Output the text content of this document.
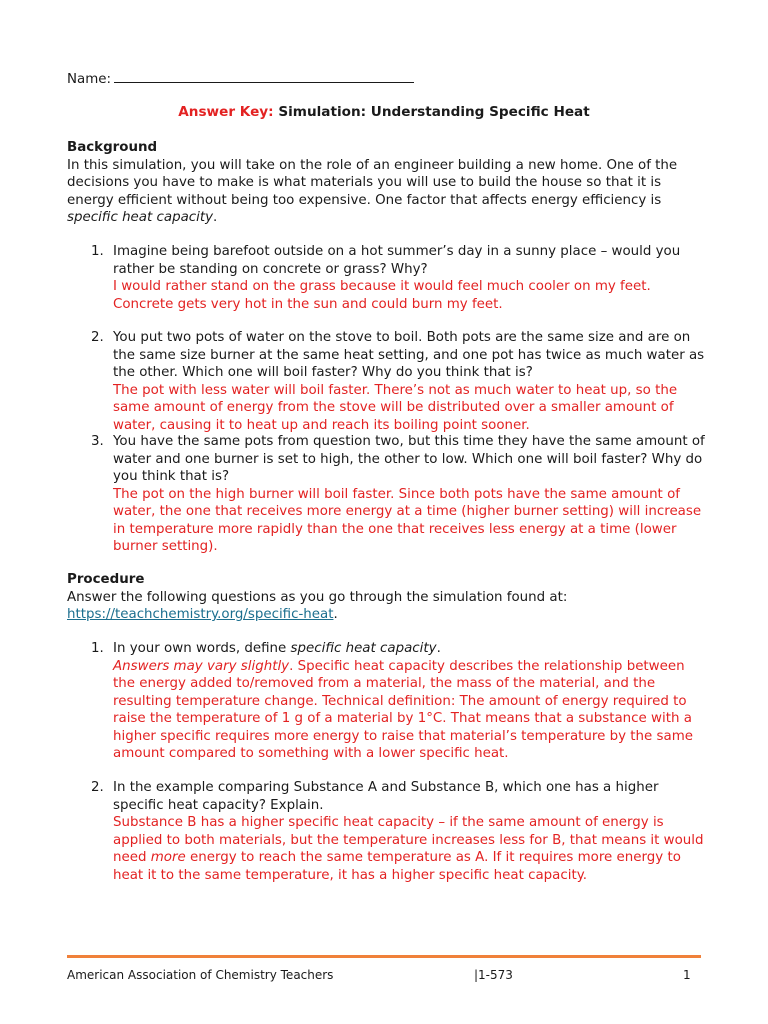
Name:
Answer Key: Simulation: Understanding Specific Heat
Background

In this simulation, you will take on the role of an engineer building a new home. One of the decisions you have to make is what materials you will use to build the house so that it is energy efficient without being too expensive. One factor that affects energy efficiency is specific heat capacity.

1. Imagine being barefoot outside on a hot summer’s day in a sunny place – would you rather be standing on concrete or grass? Why?

I would rather stand on the grass because it would feel much cooler on my feet. Concrete gets very hot in the sun and could burn my feet.

2. You put two pots of water on the stove to boil. Both pots are the same size and are on the same size burner at the same heat setting, and one pot has twice as much water as the other. Which one will boil faster? Why do you think that is?

The pot with less water will boil faster. There’s not as much water to heat up, so the same amount of energy from the stove will be distributed over a smaller amount of water, causing it to heat up and reach its boiling point sooner.

3. You have the same pots from question two, but this time they have the same amount of water and one burner is set to high, the other to low. Which one will boil faster? Why do you think that is?

The pot on the high burner will boil faster. Since both pots have the same amount of water, the one that receives more energy at a time (higher burner setting) will increase in temperature more rapidly than the one that receives less energy at a time (lower burner setting).

Procedure

Answer the following questions as you go through the simulation found at:

https://teachchemistry.org/specific-heat.

1. In your own words, define specific heat capacity.

Answers may vary slightly. Specific heat capacity describes the relationship between the energy added to/removed from a material, the mass of the material, and the resulting temperature change. Technical definition: The amount of energy required to raise the temperature of 1 g of a material by 1°C. That means that a substance with a higher specific requires more energy to raise that material’s temperature by the same amount compared to something with a lower specific heat.

2. In the example comparing Substance A and Substance B, which one has a higher specific heat capacity? Explain.

Substance B has a higher specific heat capacity – if the same amount of energy is applied to both materials, but the temperature increases less for B, that means it would need more energy to reach the same temperature as A. If it requires more energy to heat it to the same temperature, it has a higher specific heat capacity.

American Association of Chemistry Teachers	|1-573	1
